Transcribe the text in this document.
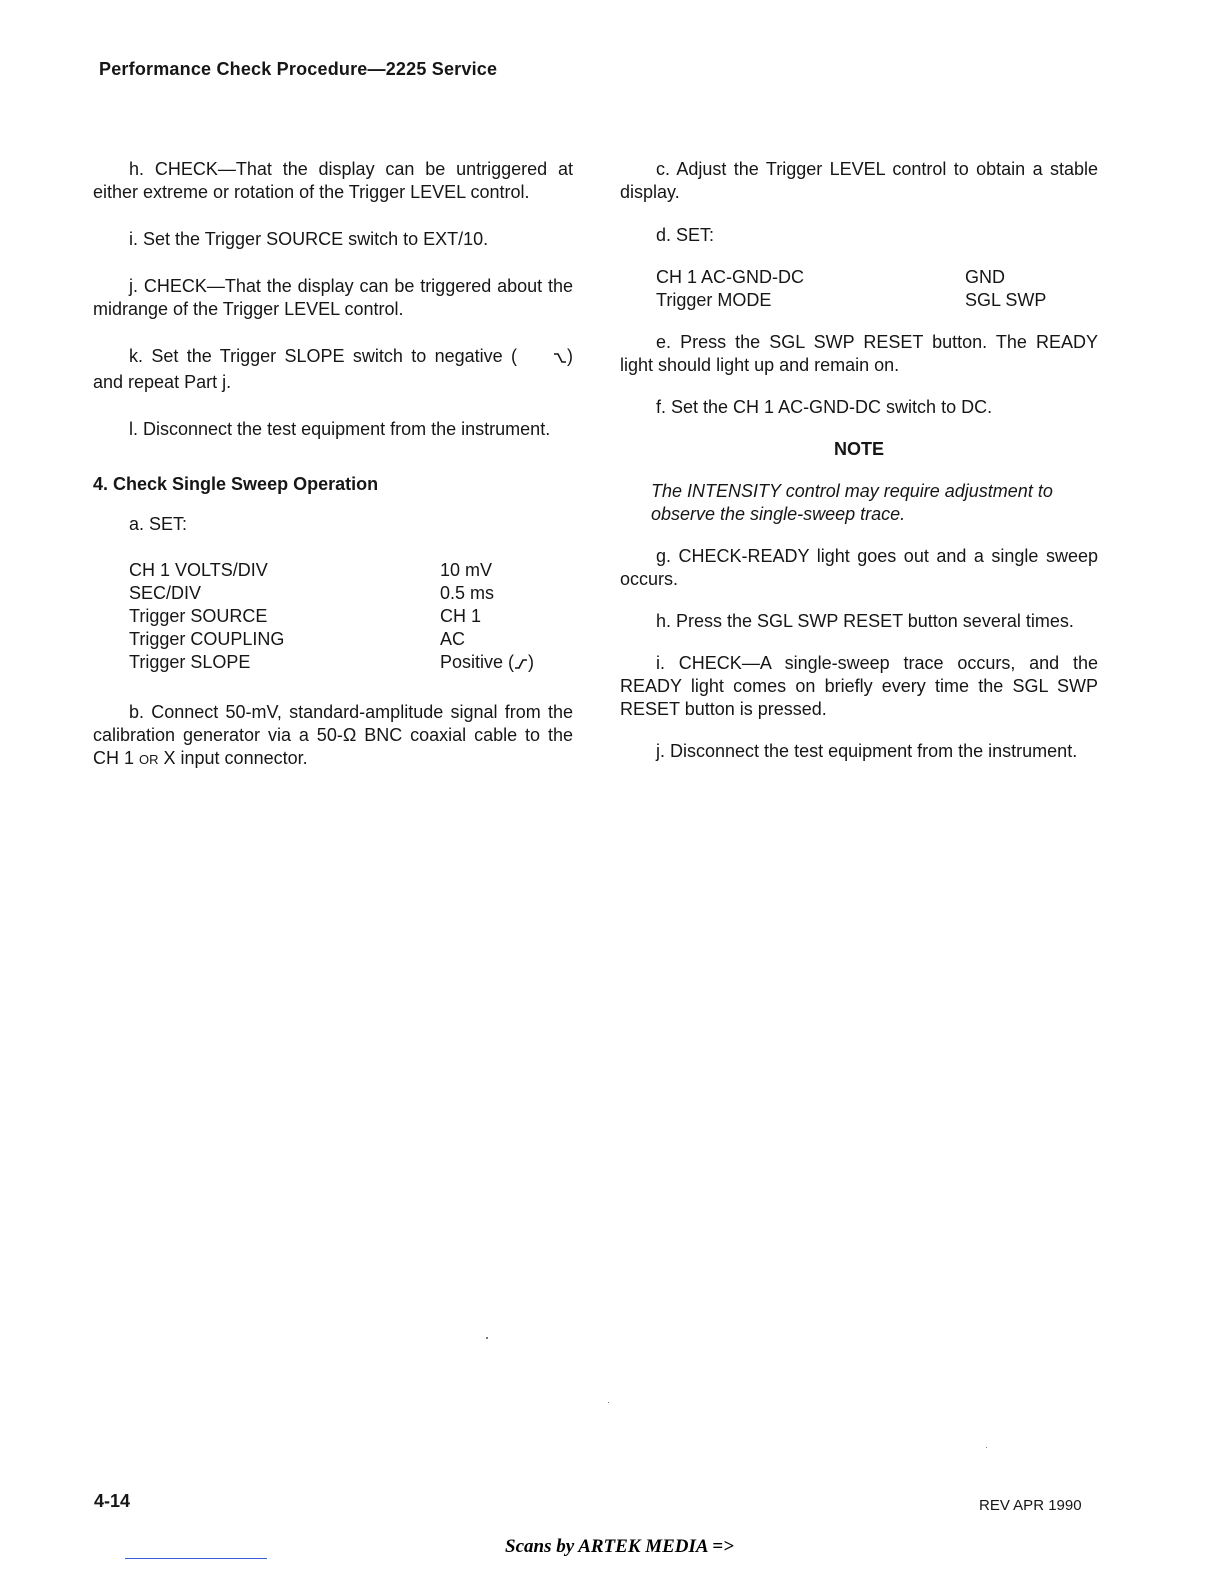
Performance Check Procedure—2225 Service

h. CHECK—That the display can be untriggered at either extreme or rotation of the Trigger LEVEL control.

i. Set the Trigger SOURCE switch to EXT/10.

j. CHECK—That the display can be triggered about the midrange of the Trigger LEVEL control.

k. Set the Trigger SLOPE switch to negative (	) and repeat Part j.

l. Disconnect the test equipment from the instrument.

4. Check Single Sweep Operation

a. SET:

CH 1 VOLTS/DIV	10 mV
SEC/DIV	0.5 ms
Trigger SOURCE	CH 1
Trigger COUPLING	AC
Trigger SLOPE	Positive ( )

b. Connect 50-mV, standard-amplitude signal from the calibration generator via a 50-Ω BNC coaxial cable to the CH 1 OR X input connector.

c. Adjust the Trigger LEVEL control to obtain a stable display.

d. SET:

CH 1 AC-GND-DC	GND
Trigger MODE	SGL SWP

e. Press the SGL SWP RESET button. The READY light should light up and remain on.

f. Set the CH 1 AC-GND-DC switch to DC.

NOTE
The INTENSITY control may require adjustment to observe the single-sweep trace.

g. CHECK-READY light goes out and a single sweep occurs.

h. Press the SGL SWP RESET button several times.

i. CHECK—A single-sweep trace occurs, and the READY light comes on briefly every time the SGL SWP RESET button is pressed.

j. Disconnect the test equipment from the instrument.

4-14	REV APR 1990
Scans by ARTEK MEDIA =>
